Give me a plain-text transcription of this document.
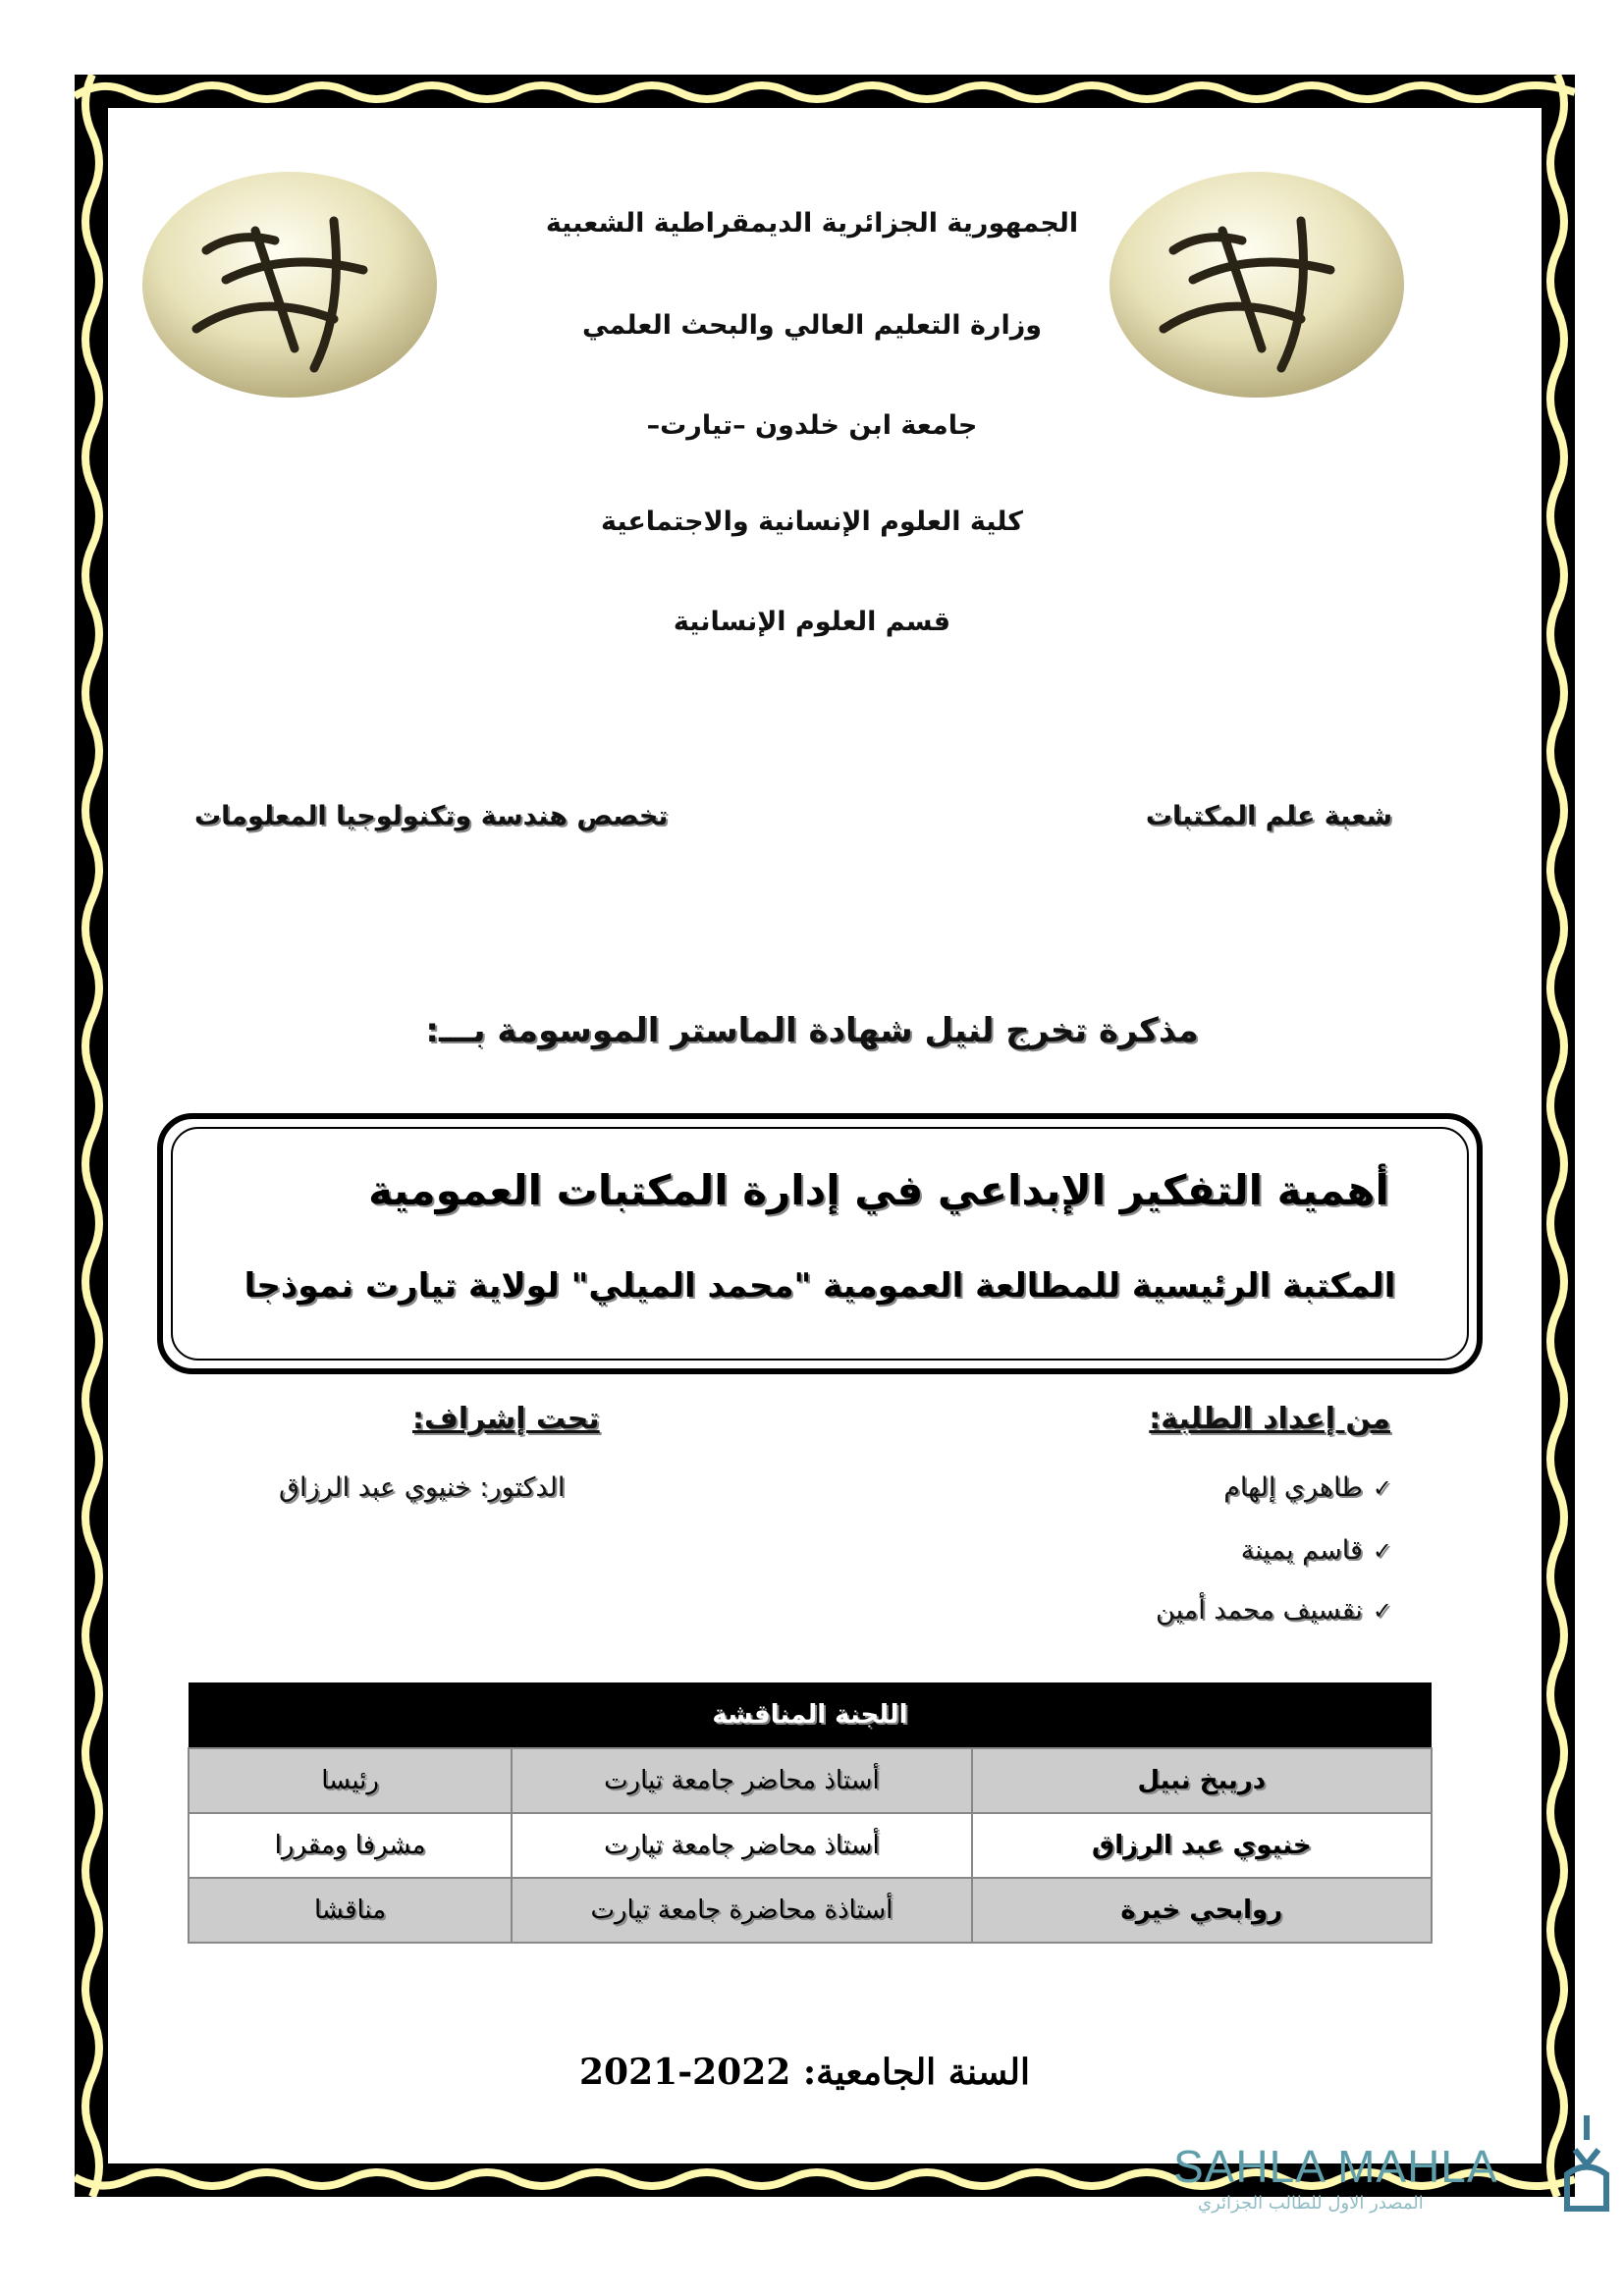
الجمهورية الجزائرية الديمقراطية الشعبية
وزارة التعليم العالي والبحث العلمي
جامعة ابن خلدون –تيارت–
كلية العلوم الإنسانية والاجتماعية
قسم العلوم الإنسانية
شعبة علم المكتبات
تخصص هندسة وتكنولوجيا المعلومات
مذكرة تخرج لنيل شهادة الماستر الموسومة بـــ:
أهمية التفكير الإبداعي في إدارة المكتبات العمومية
المكتبة الرئيسية للمطالعة العمومية "محمد الميلي" لولاية تيارت نموذجا
من إعداد الطلبة:
✓طاهري إلهام
✓قاسم يمينة
✓نقسيف محمد أمين
تحت إشراف:
الدكتور: خنيوي عبد الرزاق
اللجنة المناقشة		
دريبخ نبيل	أستاذ محاضر جامعة تيارت	رئيسا
خنيوي عبد الرزاق	أستاذ محاضر جامعة تيارت	مشرفا ومقررا
روابحي خيرة	أستاذة محاضرة جامعة تيارت	مناقشا
السنة الجامعية: 2021-2022
SAHLA MAHLA
المصدر الاول للطالب الجزائري
